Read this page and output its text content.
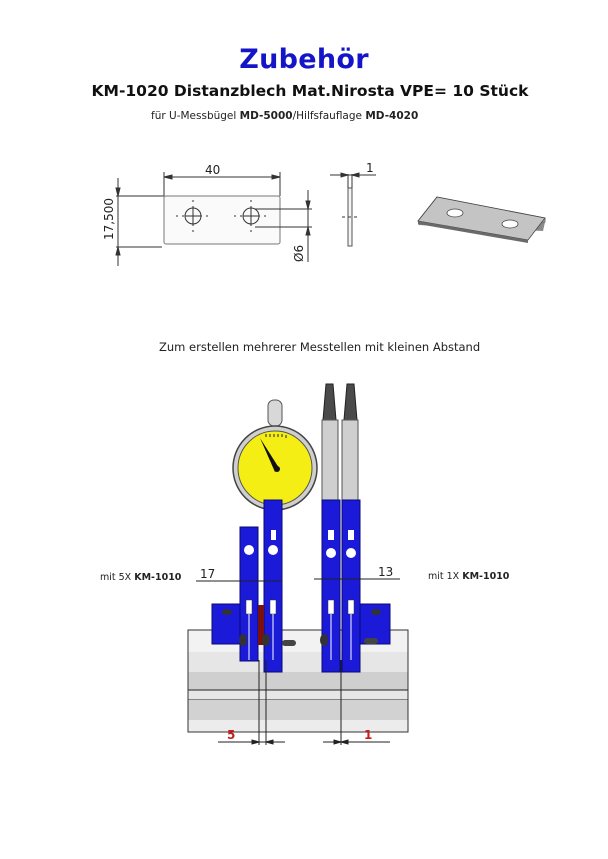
Zubehör
KM-1020 Distanzblech Mat.Nirosta VPE= 10 Stück
für U-Messbügel MD-5000/Hilfsfauflage MD-4020
40
17,500
1
Ø6
Zum erstellen mehrerer Messtellen mit kleinen Abstand
17	13
5	1
mit 5X KM-1010	mit 1X KM-1010
